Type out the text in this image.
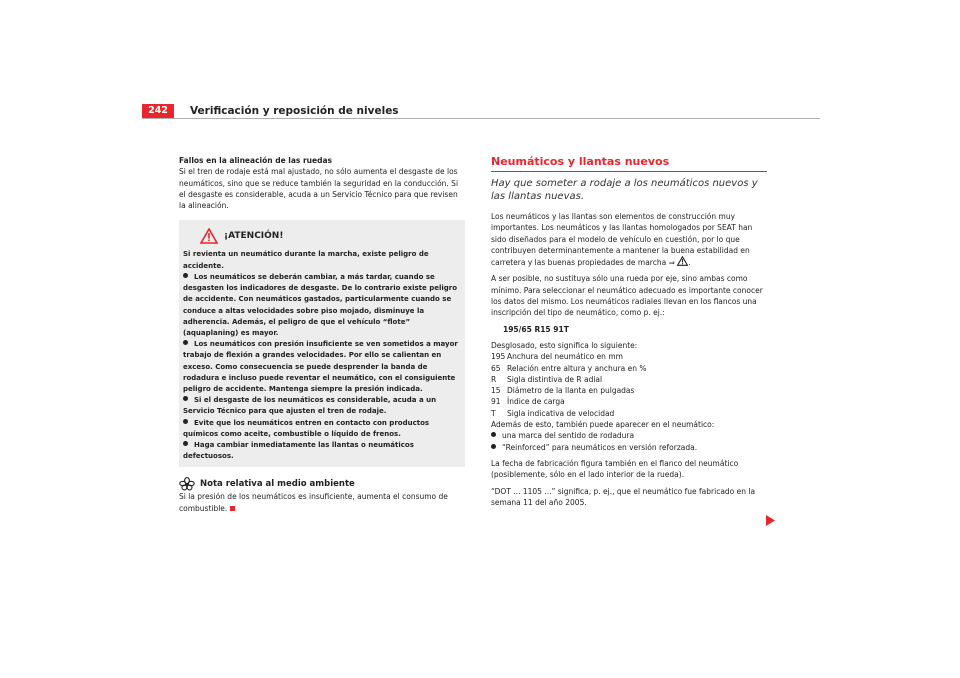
242	Verificación y reposición de niveles

Fallos en la alineación de las ruedas

Si el tren de rodaje está mal ajustado, no sólo aumenta el desgaste de los neumáticos, sino que se reduce también la seguridad en la conducción. Si el desgaste es considerable, acuda a un Servicio Técnico para que revisen la alineación.

¡ATENCIÓN!

Si revienta un neumático durante la marcha, existe peligro de accidente.

Los neumáticos se deberán cambiar, a más tardar, cuando se desgasten los indicadores de desgaste. De lo contrario existe peligro de accidente. Con neumáticos gastados, particularmente cuando se conduce a altas velocidades sobre piso mojado, disminuye la adherencia. Además, el peligro de que el vehículo “flote” (aquaplaning) es mayor.

Los neumáticos con presión insuficiente se ven sometidos a mayor trabajo de flexión a grandes velocidades. Por ello se calientan en exceso. Como consecuencia se puede desprender la banda de rodadura e incluso puede reventar el neumático, con el consiguiente peligro de accidente. Mantenga siempre la presión indicada.

Si el desgaste de los neumáticos es considerable, acuda a un Servicio Técnico para que ajusten el tren de rodaje.

Evite que los neumáticos entren en contacto con productos químicos como aceite, combustible o líquido de frenos.

Haga cambiar inmediatamente las llantas o neumáticos defectuosos.

Nota relativa al medio ambiente

Si la presión de los neumáticos es insuficiente, aumenta el consumo de combustible.

Neumáticos y llantas nuevos
Hay que someter a rodaje a los neumáticos nuevos y las llantas nuevas.

Los neumáticos y las llantas son elementos de construcción muy importantes. Los neumáticos y las llantas homologados por SEAT han sido diseñados para el modelo de vehículo en cuestión, por lo que contribuyen determinantemente a mantener la buena estabilidad en carretera y las buenas propiedades de marcha ⇒ .

A ser posible, no sustituya sólo una rueda por eje, sino ambas como mínimo. Para seleccionar el neumático adecuado es importante conocer los datos del mismo. Los neumáticos radiales llevan en los flancos una inscripción del tipo de neumático, como p. ej.:

195/65 R15 91T

Desglosado, esto significa lo siguiente:

195 Anchura del neumático en mm
65 Relación entre altura y anchura en %
R	Sigla distintiva de R adial
15 Diámetro de la llanta en pulgadas
91 Índice de carga
T	Sigla indicativa de velocidad

Además de esto, también puede aparecer en el neumático:

una marca del sentido de rodadura

“Reinforced” para neumáticos en versión reforzada.

La fecha de fabricación figura también en el flanco del neumático (posiblemente, sólo en el lado interior de la rueda).

“DOT ... 1105 ...” significa, p. ej., que el neumático fue fabricado en la semana 11 del año 2005.
